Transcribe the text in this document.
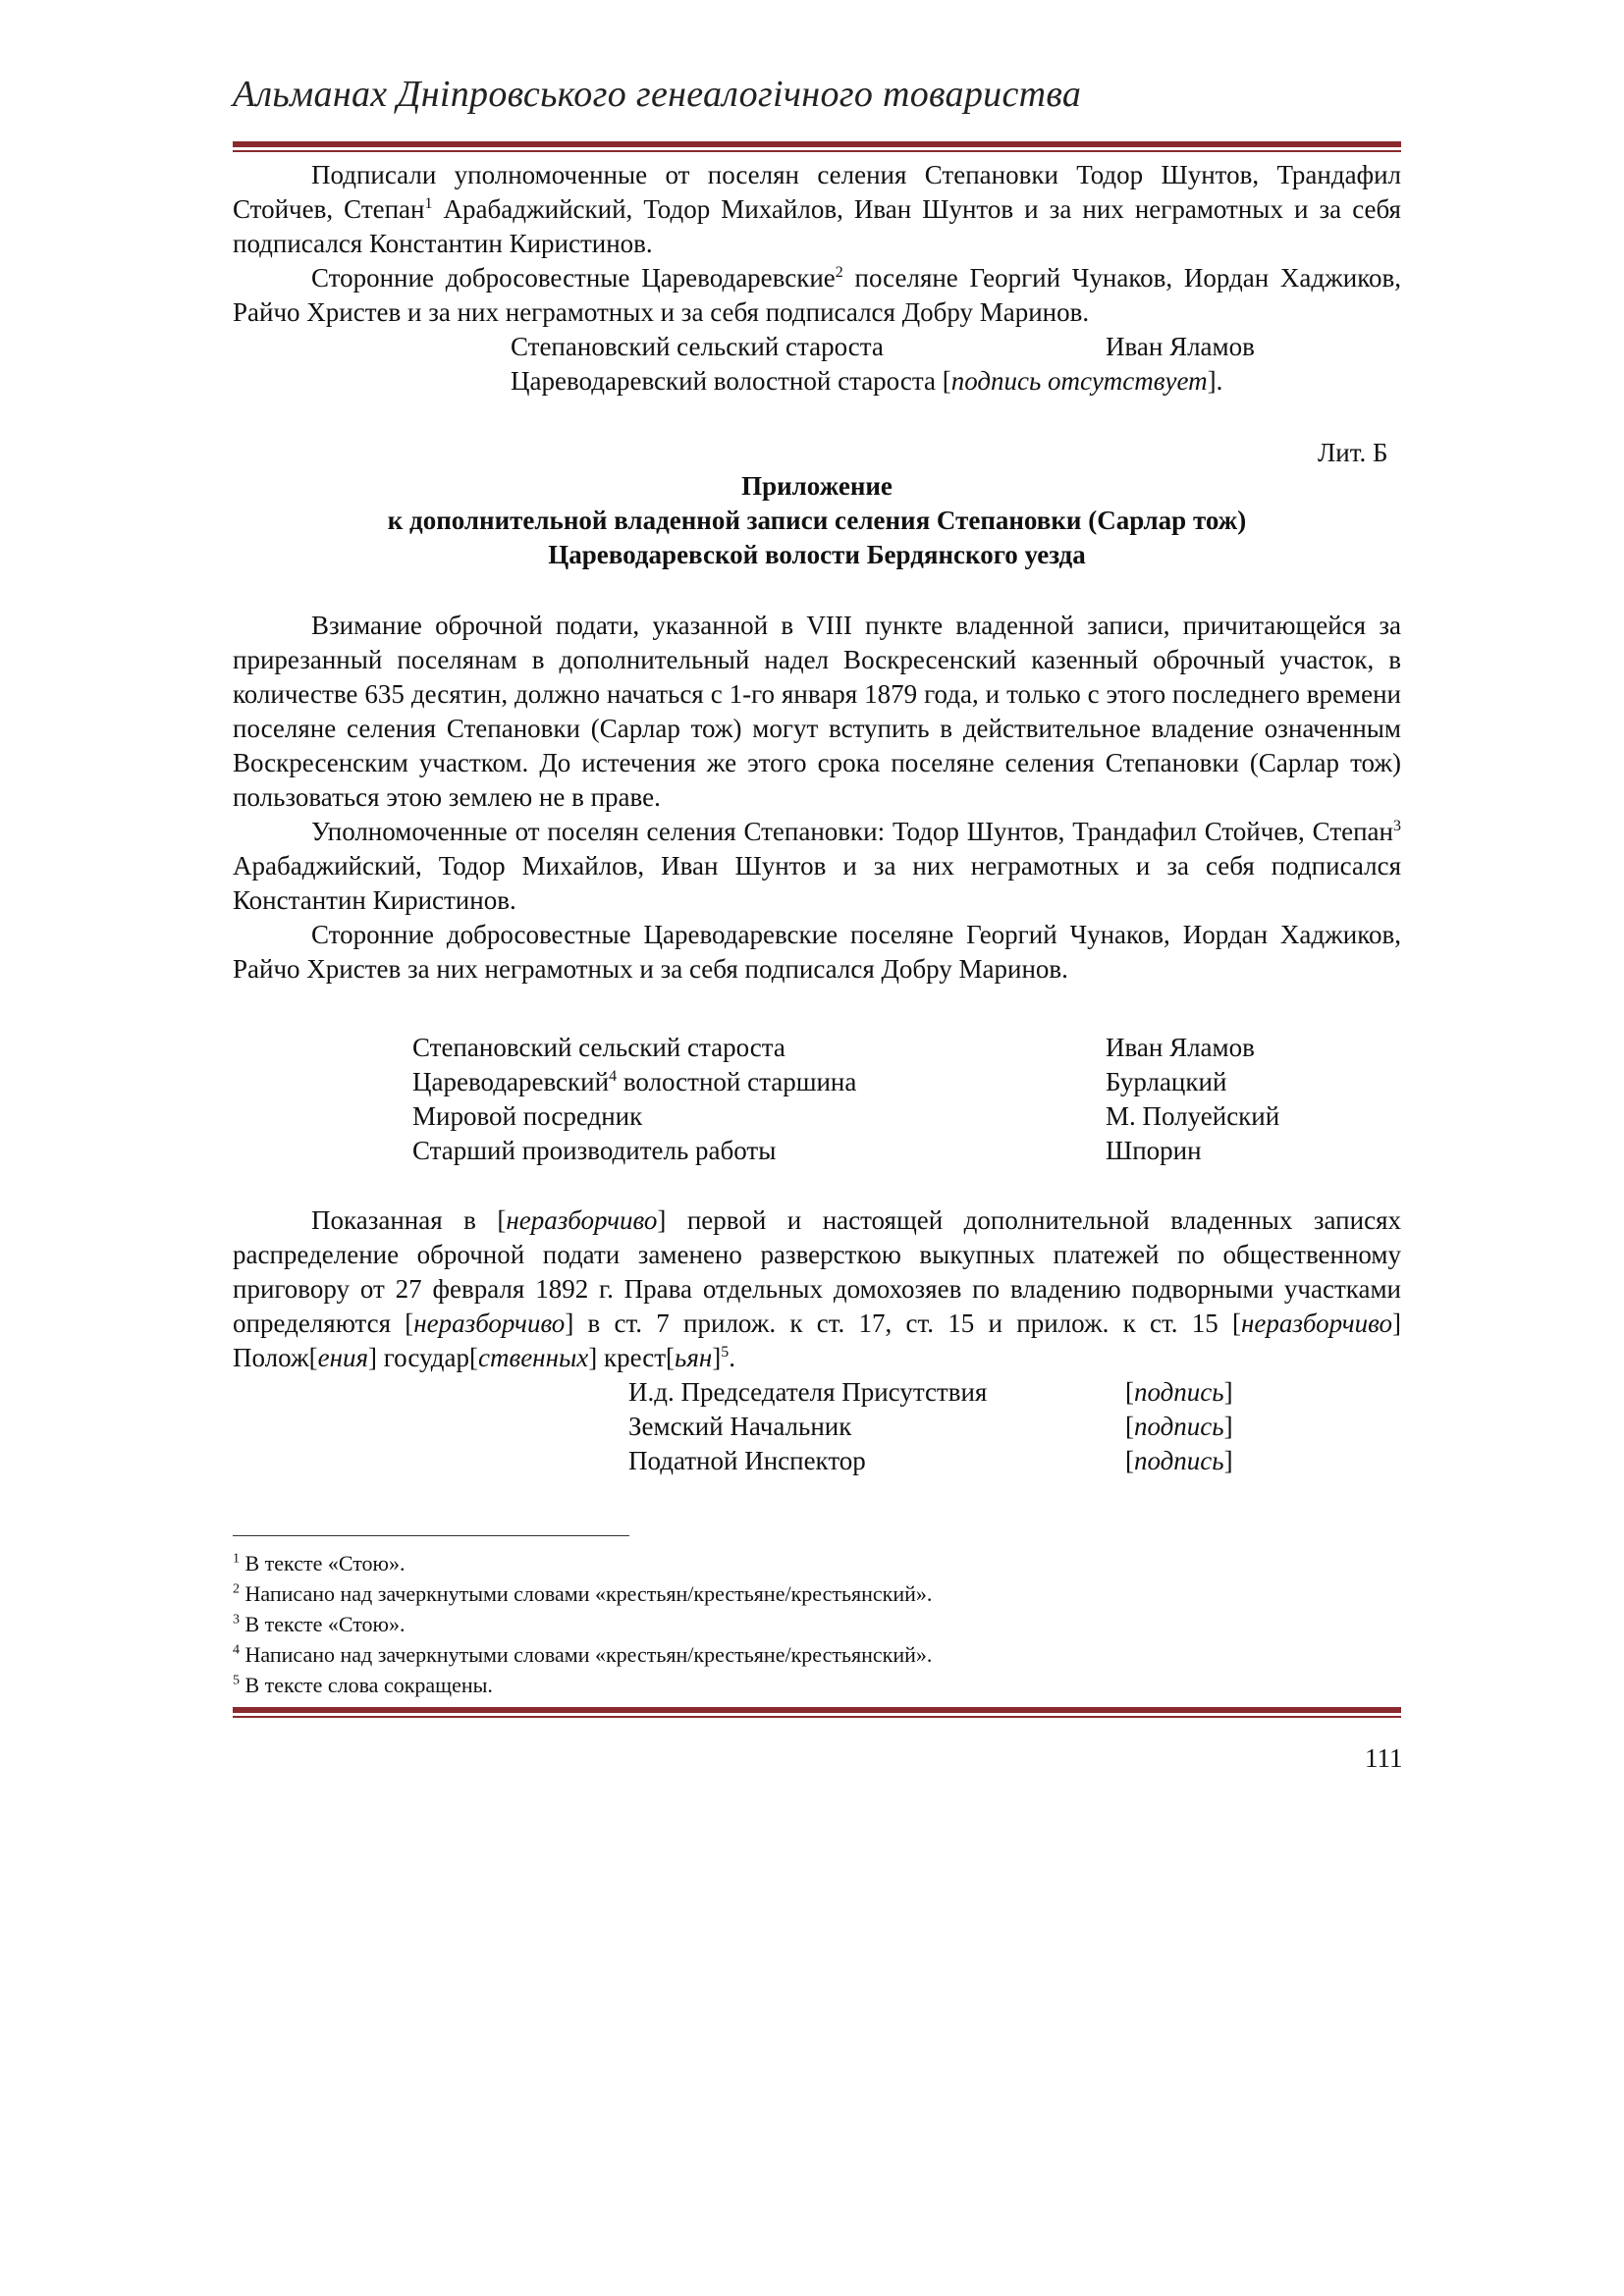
Альманах Дніпровського генеалогічного товариства

Подписали уполномоченные от поселян селения Степановки Тодор Шунтов, Трандафил Стойчев, Степан$^1$ Арабаджийский, Тодор Михайлов, Иван Шунтов и за них неграмотных и за себя подписался Константин Киристинов.

Сторонние добросовестные Цареводаревские$^2$ поселяне Георгий Чунаков, Иордан Хаджиков, Райчо Христев и за них неграмотных и за себя подписался Добру Маринов.

Степановский сельский староста	Иван Яламов
Цареводаревский волостной староста [подпись отсутствует].
Лит. Б
Приложение
к дополнительной владенной записи селения Степановки (Сарлар тож)
Цареводаревской волости Бердянского уезда

Взимание оброчной подати, указанной в VIII пункте владенной записи, причитающейся за прирезанный поселянам в дополнительный надел Воскресенский казенный оброчный участок, в количестве 635 десятин, должно начаться с 1-го января 1879 года, и только с этого последнего времени поселяне селения Степановки (Сарлар тож) могут вступить в действительное владение означенным Воскресенским участком. До истечения же этого срока поселяне селения Степановки (Сарлар тож) пользоваться этою землею не в праве.

Уполномоченные от поселян селения Степановки: Тодор Шунтов, Трандафил Стойчев, Степан$^3$ Арабаджийский, Тодор Михайлов, Иван Шунтов и за них неграмотных и за себя подписался Константин Киристинов.

Сторонние добросовестные Цареводаревские поселяне Георгий Чунаков, Иордан Хаджиков, Райчо Христев за них неграмотных и за себя подписался Добру Маринов.

Степановский сельский староста	Иван Яламов
Цареводаревский$^4$ волостной старшина	Бурлацкий
Мировой посредник	М. Полуейский
Старший производитель работы	Шпорин

Показанная в [неразборчиво] первой и настоящей дополнительной владенных записях распределение оброчной подати заменено разверсткою выкупных платежей по общественному приговору от 27 февраля 1892 г. Права отдельных домохозяев по владению подворными участками определяются [неразборчиво] в ст. 7 прилож. к ст. 17, ст. 15 и прилож. к ст. 15 [неразборчиво] Полож[ения] государ[ственных] крест[ьян]$^5$.

И.д. Председателя Присутствия	[подпись]
Земский Начальник	[подпись]
Податной Инспектор	[подпись]
$^1$ В тексте «Стою».
$^2$ Написано над зачеркнутыми словами «крестьян/крестьяне/крестьянский».
$^3$ В тексте «Стою».
$^4$ Написано над зачеркнутыми словами «крестьян/крестьяне/крестьянский».
$^5$ В тексте слова сокращены.
111
